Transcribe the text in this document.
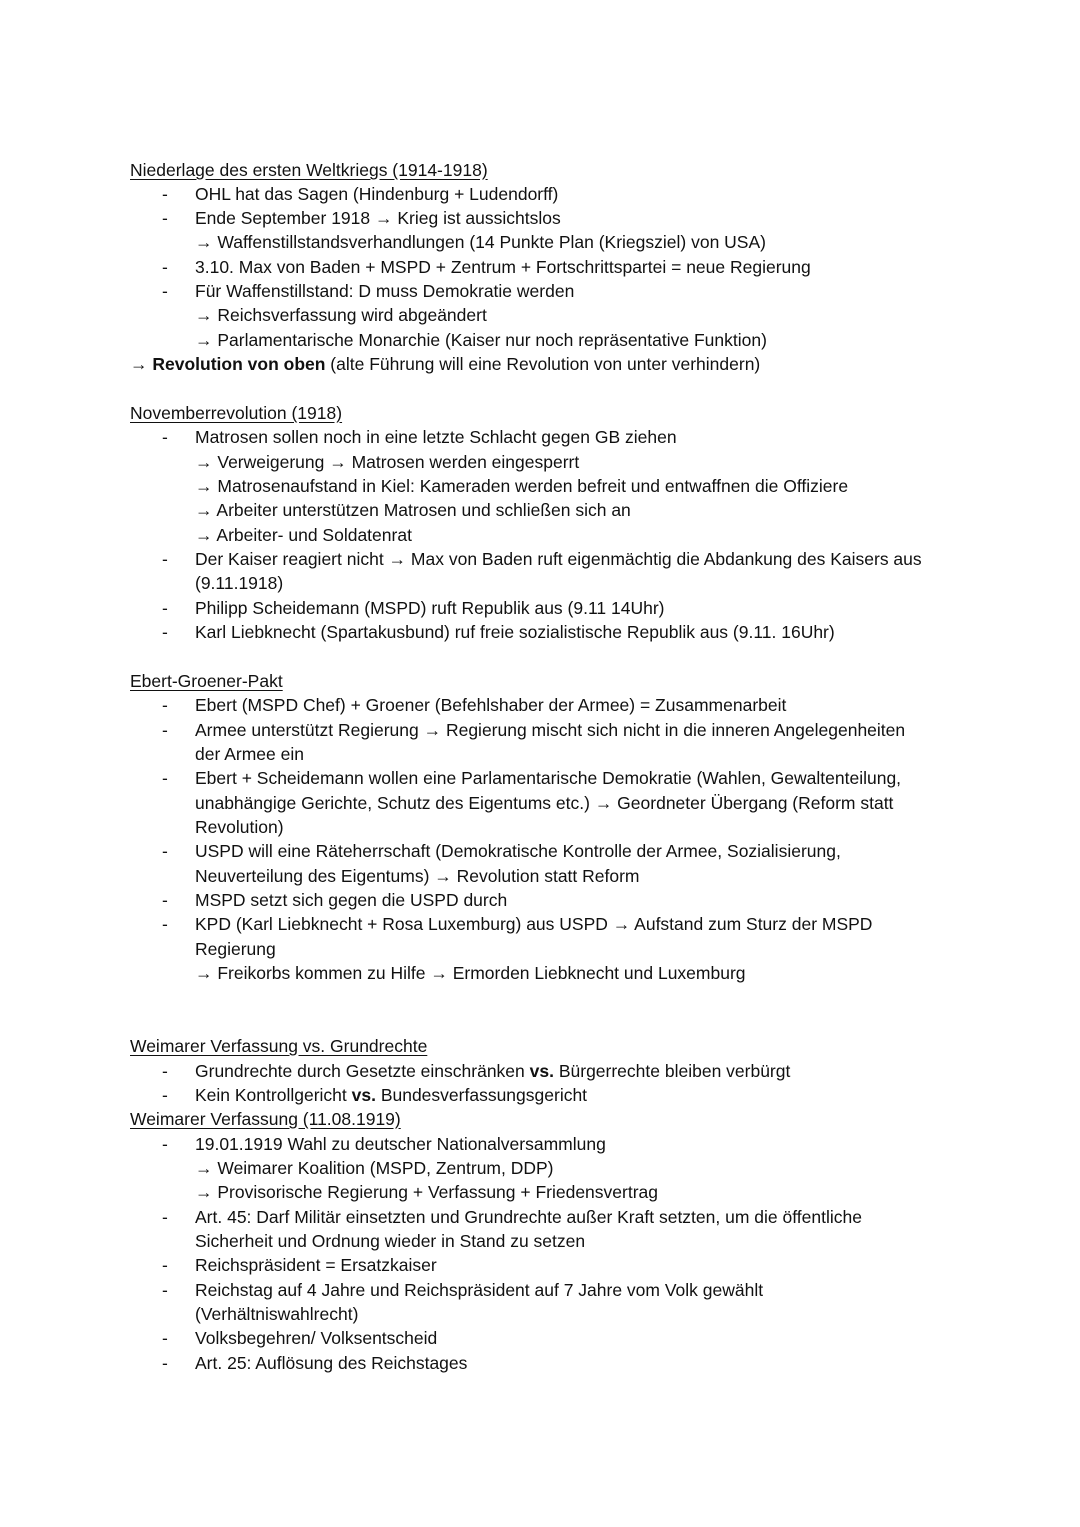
Niederlage des ersten Weltkriegs (1914-1918)
- OHL hat das Sagen (Hindenburg + Ludendorff)
- Ende September 1918 → Krieg ist aussichtslos
→ Waffenstillstandsverhandlungen (14 Punkte Plan (Kriegsziel) von USA)
- 3.10. Max von Baden + MSPD + Zentrum + Fortschrittspartei = neue Regierung
- Für Waffenstillstand: D muss Demokratie werden
→ Reichsverfassung wird abgeändert
→ Parlamentarische Monarchie (Kaiser nur noch repräsentative Funktion)
→ Revolution von oben (alte Führung will eine Revolution von unter verhindern)
Novemberrevolution (1918)
- Matrosen sollen noch in eine letzte Schlacht gegen GB ziehen
→ Verweigerung → Matrosen werden eingesperrt
→ Matrosenaufstand in Kiel: Kameraden werden befreit und entwaffnen die Offiziere
→ Arbeiter unterstützen Matrosen und schließen sich an
→ Arbeiter- und Soldatenrat
- Der Kaiser reagiert nicht → Max von Baden ruft eigenmächtig die Abdankung des Kaisers aus
(9.11.1918)
- Philipp Scheidemann (MSPD) ruft Republik aus (9.11 14Uhr)
- Karl Liebknecht (Spartakusbund) ruf freie sozialistische Republik aus (9.11. 16Uhr)
Ebert-Groener-Pakt
- Ebert (MSPD Chef) + Groener (Befehlshaber der Armee) = Zusammenarbeit
- Armee unterstützt Regierung → Regierung mischt sich nicht in die inneren Angelegenheiten
der Armee ein
- Ebert + Scheidemann wollen eine Parlamentarische Demokratie (Wahlen, Gewaltenteilung,
unabhängige Gerichte, Schutz des Eigentums etc.) → Geordneter Übergang (Reform statt
Revolution)
- USPD will eine Räteherrschaft (Demokratische Kontrolle der Armee, Sozialisierung,
Neuverteilung des Eigentums) → Revolution statt Reform
- MSPD setzt sich gegen die USPD durch
- KPD (Karl Liebknecht + Rosa Luxemburg) aus USPD → Aufstand zum Sturz der MSPD
Regierung
→ Freikorbs kommen zu Hilfe → Ermorden Liebknecht und Luxemburg
Weimarer Verfassung vs. Grundrechte
- Grundrechte durch Gesetzte einschränken vs. Bürgerrechte bleiben verbürgt
- Kein Kontrollgericht vs. Bundesverfassungsgericht
Weimarer Verfassung (11.08.1919)
- 19.01.1919 Wahl zu deutscher Nationalversammlung
→ Weimarer Koalition (MSPD, Zentrum, DDP)
→ Provisorische Regierung + Verfassung + Friedensvertrag
- Art. 45: Darf Militär einsetzten und Grundrechte außer Kraft setzten, um die öffentliche
Sicherheit und Ordnung wieder in Stand zu setzen
- Reichspräsident = Ersatzkaiser
- Reichstag auf 4 Jahre und Reichspräsident auf 7 Jahre vom Volk gewählt
(Verhältniswahlrecht)
- Volksbegehren/ Volksentscheid
- Art. 25: Auflösung des Reichstages
